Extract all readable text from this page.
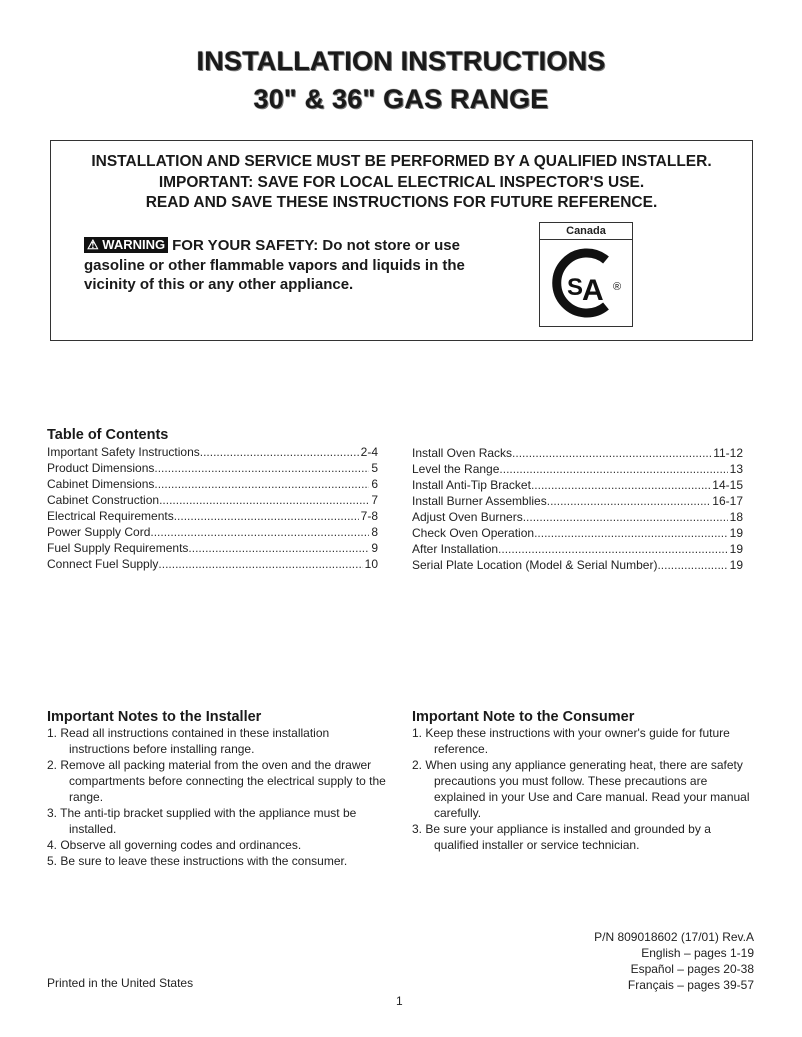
INSTALLATION INSTRUCTIONS
30" & 36" GAS RANGE
INSTALLATION AND SERVICE MUST BE PERFORMED BY A QUALIFIED INSTALLER.
IMPORTANT: SAVE FOR LOCAL ELECTRICAL INSPECTOR'S USE.
READ AND SAVE THESE INSTRUCTIONS FOR FUTURE REFERENCE.
⚠ WARNING FOR YOUR SAFETY: Do not store or use gasoline or other flammable vapors and liquids in the vicinity of this or any other appliance.
Canada
S
A ®
Table of Contents
Important Safety Instructions .....	2-4
Product Dimensions .....	5
Cabinet Dimensions .....	6
Cabinet Construction .....	7
Electrical Requirements .....	7-8
Power Supply Cord .....	8
Fuel Supply Requirements .....	9
Connect Fuel Supply .....	10
Install Oven Racks .....	11-12
Level the Range .....	13
Install Anti-Tip Bracket .....	14-15
Install Burner Assemblies .....	16-17
Adjust Oven Burners .....	18
Check Oven Operation .....	19
After Installation .....	19
Serial Plate Location (Model & Serial Number) .....	19
Important Notes to the Installer
1. Read all instructions contained in these installation instructions before installing range.
2. Remove all packing material from the oven and the drawer compartments before connecting the electrical supply to the range.
3. The anti-tip bracket supplied with the appliance must be installed.
4. Observe all governing codes and ordinances.
5. Be sure to leave these instructions with the consumer.
Important Note to the Consumer
1. Keep these instructions with your owner's guide for future reference.
2. When using any appliance generating heat, there are safety precautions you must follow. These precautions are explained in your Use and Care manual. Read your manual carefully.
3. Be sure your appliance is installed and grounded by a qualified installer or service technician.
P/N 809018602 (17/01) Rev.A
English – pages 1-19
Español – pages 20-38
Français – pages 39-57
Printed in the United States
1
